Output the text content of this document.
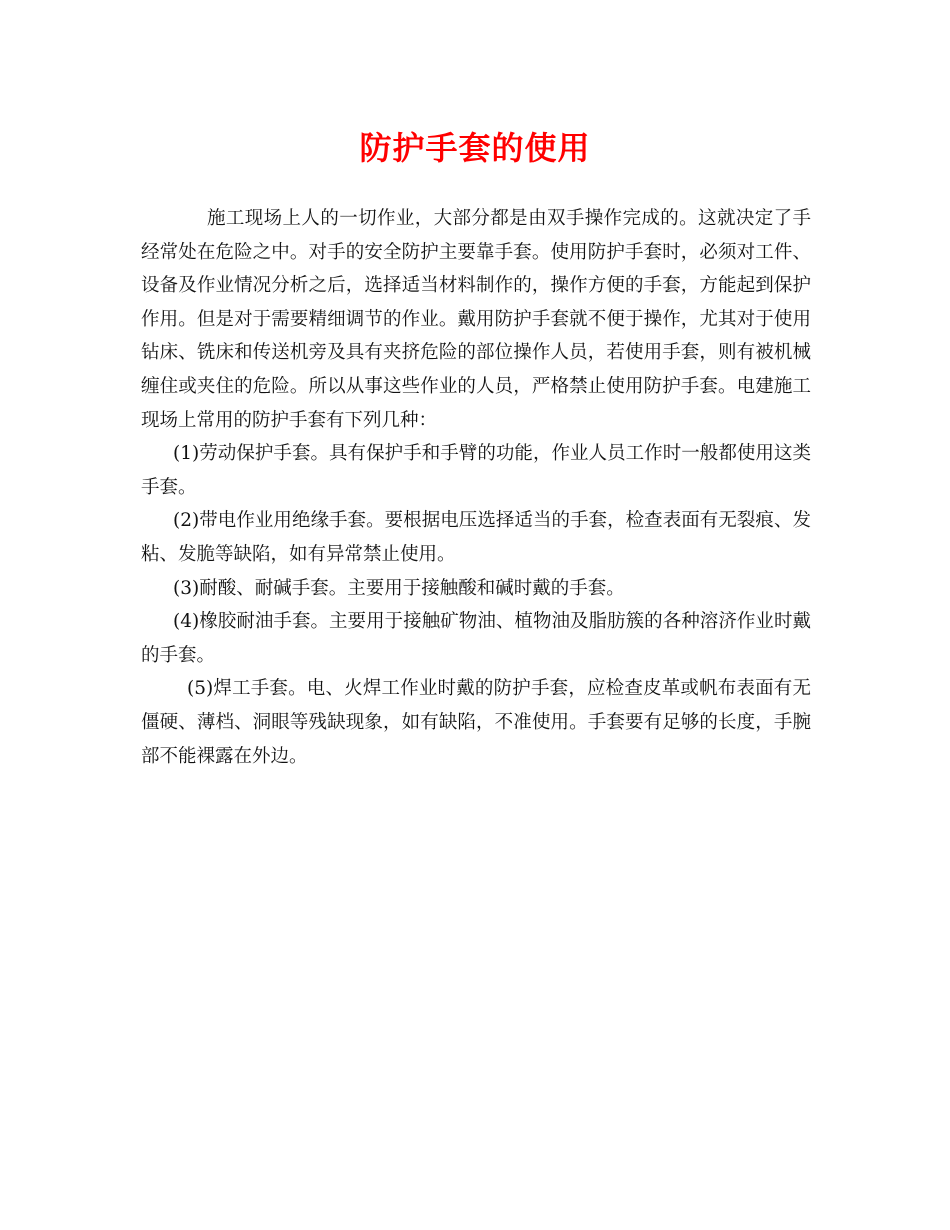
防护手套的使用

施工现场上人的一切作业，大部分都是由双手操作完成的。这就决定了手经常处在危险之中。对手的安全防护主要靠手套。使用防护手套时，必须对工件、设备及作业情况分析之后，选择适当材料制作的，操作方便的手套，方能起到保护作用。但是对于需要精细调节的作业。戴用防护手套就不便于操作，尤其对于使用钻床、铣床和传送机旁及具有夹挤危险的部位操作人员，若使用手套，则有被机械缠住或夹住的危险。所以从事这些作业的人员，严格禁止使用防护手套。电建施工现场上常用的防护手套有下列几种：

(1)劳动保护手套。具有保护手和手臂的功能，作业人员工作时一般都使用这类手套。

(2)带电作业用绝缘手套。要根据电压选择适当的手套，检查表面有无裂痕、发粘、发脆等缺陷，如有异常禁止使用。

(3)耐酸、耐碱手套。主要用于接触酸和碱时戴的手套。

(4)橡胶耐油手套。主要用于接触矿物油、植物油及脂肪簇的各种溶济作业时戴的手套。

(5)焊工手套。电、火焊工作业时戴的防护手套，应检查皮革或帆布表面有无僵硬、薄档、洞眼等残缺现象，如有缺陷，不准使用。手套要有足够的长度，手腕部不能裸露在外边。
